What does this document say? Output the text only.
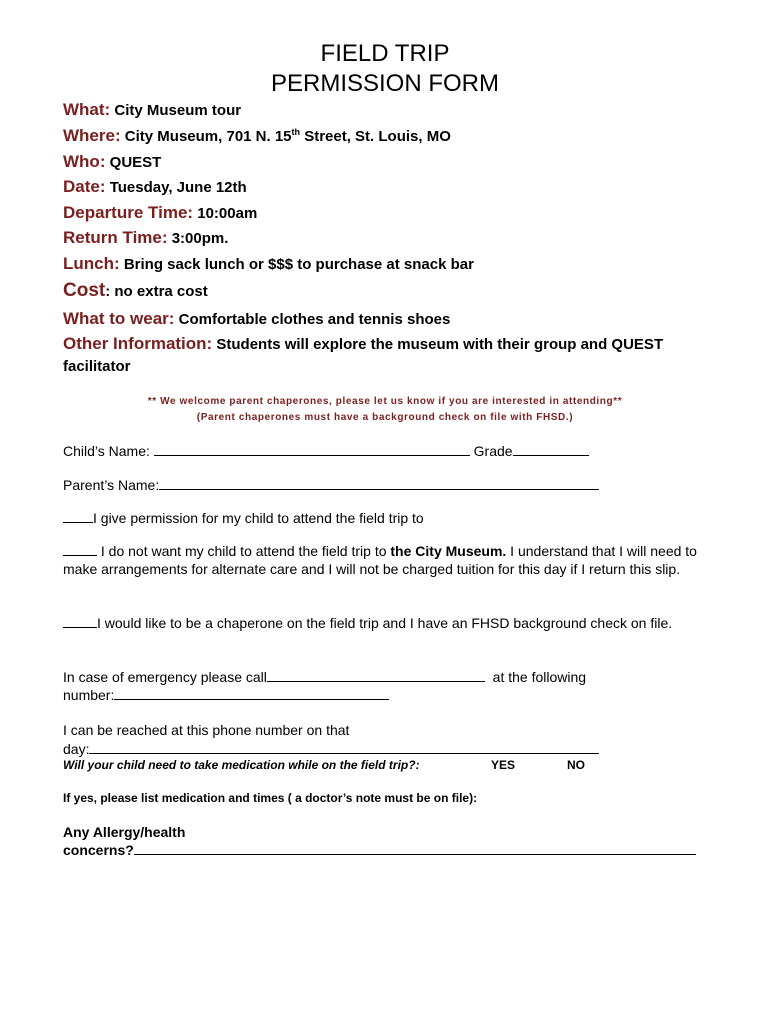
FIELD TRIP
PERMISSION FORM
What: City Museum tour
Where: City Museum, 701 N. 15th Street, St. Louis, MO
Who: QUEST
Date: Tuesday, June 12th
Departure Time: 10:00am
Return Time: 3:00pm.
Lunch: Bring sack lunch or $$$ to purchase at snack bar
Cost: no extra cost
What to wear: Comfortable clothes and tennis shoes
Other Information: Students will explore the museum with their group and QUEST facilitator
** We welcome parent chaperones, please let us know if you are interested in attending**
(Parent chaperones must have a background check on file with FHSD.)
Child’s Name:	Grade
Parent’s Name:
I give permission for my child to attend the field trip to
I do not want my child to attend the field trip to the City Museum. I understand that I will need to make arrangements for alternate care and I will not be charged tuition for this day if I return this slip.
I would like to be a chaperone on the field trip and I have an FHSD background check on file.
In case of emergency please call	at the following
number:
I can be reached at this phone number on that
day:
Will your child need to take medication while on the field trip?:	YES	NO
If yes, please list medication and times ( a doctor’s note must be on file):
Any Allergy/health
concerns?
